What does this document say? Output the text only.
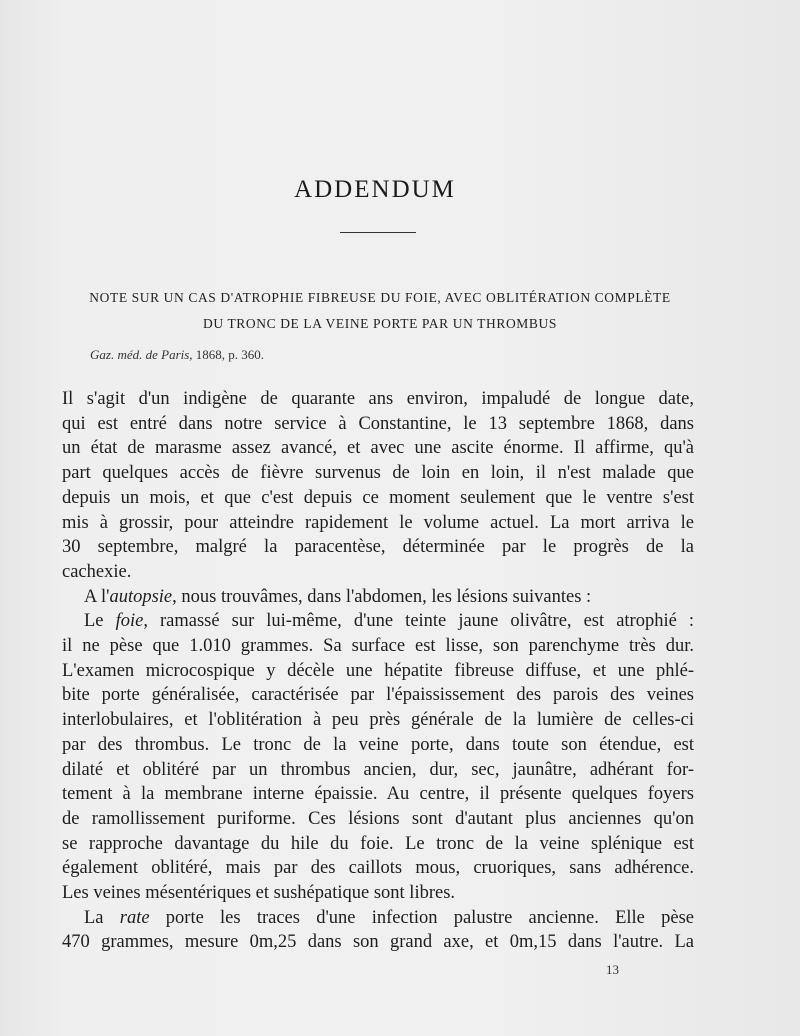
ADDENDUM
NOTE SUR UN CAS D'ATROPHIE FIBREUSE DU FOIE, AVEC OBLITÉRATION COMPLÈTE
DU TRONC DE LA VEINE PORTE PAR UN THROMBUS
Gaz. méd. de Paris, 1868, p. 360.
Il s'agit d'un indigène de quarante ans environ, impaludé de longue date,
qui est entré dans notre service à Constantine, le 13 septembre 1868, dans
un état de marasme assez avancé, et avec une ascite énorme. Il affirme, qu'à
part quelques accès de fièvre survenus de loin en loin, il n'est malade que
depuis un mois, et que c'est depuis ce moment seulement que le ventre s'est
mis à grossir, pour atteindre rapidement le volume actuel. La mort arriva le
30 septembre, malgré la paracentèse, déterminée par le progrès de la
cachexie.
A l'autopsie, nous trouvâmes, dans l'abdomen, les lésions suivantes :
Le foie, ramassé sur lui-même, d'une teinte jaune olivâtre, est atrophié :
il ne pèse que 1.010 grammes. Sa surface est lisse, son parenchyme très dur.
L'examen microcospique y décèle une hépatite fibreuse diffuse, et une phlé-
bite porte généralisée, caractérisée par l'épaississement des parois des veines
interlobulaires, et l'oblitération à peu près générale de la lumière de celles-ci
par des thrombus. Le tronc de la veine porte, dans toute son étendue, est
dilaté et oblitéré par un thrombus ancien, dur, sec, jaunâtre, adhérant for-
tement à la membrane interne épaissie. Au centre, il présente quelques foyers
de ramollissement puriforme. Ces lésions sont d'autant plus anciennes qu'on
se rapproche davantage du hile du foie. Le tronc de la veine splénique est
également oblitéré, mais par des caillots mous, cruoriques, sans adhérence.
Les veines mésentériques et sushépatique sont libres.
La rate porte les traces d'une infection palustre ancienne. Elle pèse
470 grammes, mesure 0m,25 dans son grand axe, et 0m,15 dans l'autre. La
13
